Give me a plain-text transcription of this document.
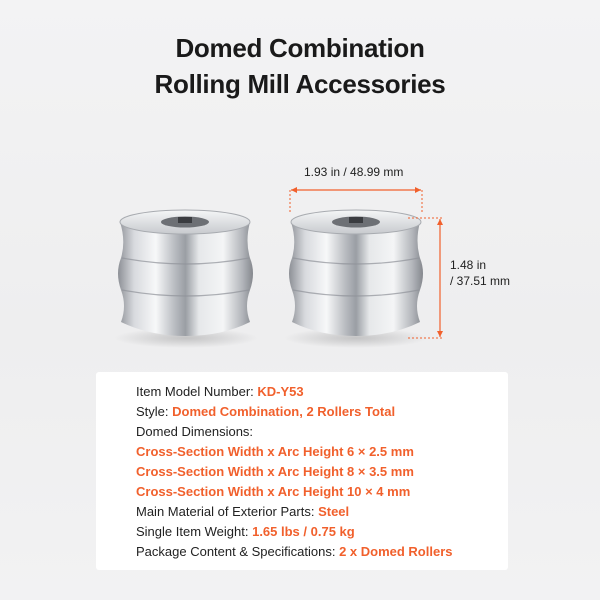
Domed Combination
Rolling Mill Accessories
1.93 in / 48.99 mm
1.48 in
/ 37.51 mm
Item Model Number: KD-Y53
Style: Domed Combination, 2 Rollers Total
Domed Dimensions:
Cross-Section Width x Arc Height 6 × 2.5 mm
Cross-Section Width x Arc Height 8 × 3.5 mm
Cross-Section Width x Arc Height 10 × 4 mm
Main Material of Exterior Parts: Steel
Single Item Weight: 1.65 lbs / 0.75 kg
Package Content & Specifications: 2 x Domed Rollers
